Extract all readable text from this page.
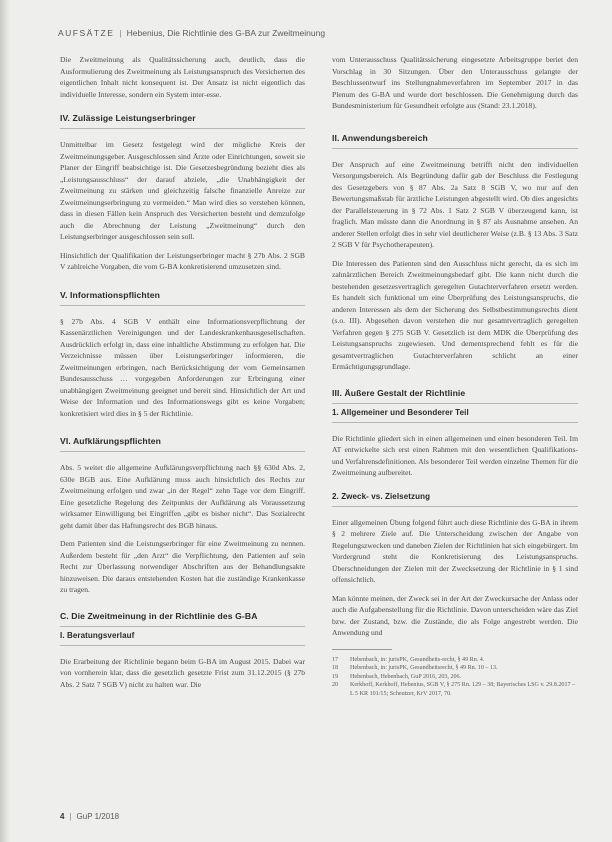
AUFSÄTZE | Hebenius, Die Richtlinie des G-BA zur Zweitmeinung

Die Zweitmeinung als Qualitätssicherung auch, deutlich, dass die Ausformulierung des Zweitmeinung als Leistungsanspruch des Versicherten des eigentlichen Inhalt nicht konsequent ist. Der Ansatz ist nicht eigentlich das individuelle Interesse, sondern ein System inter-esse.

IV. Zulässige Leistungserbringer

Unmittelbar im Gesetz festgelegt wird der mögliche Kreis der Zweitmeinungsgeber. Ausgeschlossen sind Ärzte oder Einrichtungen, soweit sie Planer der Eingriff beabsichtige ist. Die Gesetzesbegründung bezieht dies als „Leistungsausschluss“ der darauf abziele, „die Unabhängigkeit der Zweitmeinung zu stärken und gleichzeitig falsche finanzielle Anreize zur Zweitmeinungserbringung zu vermeiden.“ Man wird dies so verstehen können, dass in diesen Fällen kein Anspruch des Versicherten besteht und demzufolge auch die Abrechnung der Leistung „Zweitmeinung“ durch den Leistungserbringer ausgeschlossen sein soll.

Hinsichtlich der Qualifikation der Leistungserbringer macht § 27b Abs. 2 SGB V zahlreiche Vorgaben, die vom G-BA konkretisierend umzusetzen sind.

V. Informationspflichten

§ 27b Abs. 4 SGB V enthält eine Informationsverpflichtung der Kassenärztlichen Vereinigungen und der Landeskrankenhausgesellschaften. Ausdrücklich erfolgt in, dass eine inhaltliche Abstimmung zu erfolgen hat. Die Verzeichnisse müssen über Leistungserbringer informieren, die Zweitmeinungen erbringen, nach Berücksichtigung der vom Gemeinsamen Bundesausschuss … vorgegeben Anforderungen zur Erbringung einer unabhängigen Zweitmeinung geeignet und bereit sind. Hinsichtlich der Art und Weise der Information und des Informationswegs gibt es keine Vorgaben; konkretisiert wird dies in § 5 der Richtlinie.

VI. Aufklärungspflichten

Abs. 5 weitet die allgemeine Aufklärungsverpflichtung nach §§ 630d Abs. 2, 630e BGB aus. Eine Aufklärung muss auch hinsichtlich des Rechts zur Zweitmeinung erfolgen und zwar „in der Regel“ zehn Tage vor dem Eingriff. Eine gesetzliche Regelung des Zeitpunkts der Aufklärung als Voraussetzung wirksamer Einwilligung bei Eingriffen „gibt es bisher nicht“. Das Sozialrecht geht damit über das Haftungsrecht des BGB hinaus.

Dem Patienten sind die Leistungserbringer für eine Zweitmeinung zu nennen. Außerdem besteht für „den Arzt“ die Verpflichtung, den Patienten auf sein Recht zur Überlassung notwendiger Abschriften aus der Behandlungsakte hinzuweisen. Die daraus entstehenden Kosten hat die zuständige Krankenkasse zu tragen.

C. Die Zweitmeinung in der Richtlinie des G-BA
I. Beratungsverlauf

Die Erarbeitung der Richtlinie begann beim G-BA im August 2015. Dabei war von vornherein klar, dass die gesetzlich gesetzte Frist zum 31.12.2015 (§ 27b Abs. 2 Satz 7 SGB V) nicht zu halten war. Die

vom Unterausschuss Qualitätssicherung eingesetzte Arbeitsgruppe beriet den Vorschlag in 30 Sitzungen. Über den Unterausschuss gelangte der Beschlussentwurf ins Stellungnahmeverfahren im September 2017 in das Plenum des G-BA und wurde dort beschlossen. Die Genehmigung durch das Bundesministerium für Gesundheit erfolgte aus (Stand: 23.1.2018).

II. Anwendungsbereich

Der Anspruch auf eine Zweitmeinung betrifft nicht den individuellen Versorgungsbereich. Als Begründung dafür gab der Beschluss die Festlegung des Gesetzgebers von § 87 Abs. 2a Satz 8 SGB V, wo nur auf den Bewertungsmaßstab für ärztliche Leistungen abgestellt wird. Ob dies angesichts der Parallelsteuerung in § 72 Abs. 1 Satz 2 SGB V überzeugend kann, ist fraglich. Man müsste dann die Anordnung in § 87 als Ausnahme ansehen. An anderer Stellen erfolgt dies in sehr viel deutlicherer Weise (z.B. § 13 Abs. 3 Satz 2 SGB V für Psychotherapeuten).

Die Interessen des Patienten sind den Ausschluss nicht gerecht, da es sich im zahnärztlichen Bereich Zweitmeinungsbedarf gibt. Die kann nicht durch die bestehenden gesetzesvertraglich geregelten Gutachterverfahren ersetzt werden. Es handelt sich funktional um eine Überprüfung des Leistungsanspruchs, die anderen Interessen als dem der Sicherung des Selbstbestimmungsrechts dient (s.o. III). Abgesehen davon verstehen die nur gesamtvertraglich geregelten Verfahren gegen § 275 SGB V. Gesetzlich ist dem MDK die Überprüfung des Leistungsanspruchs zugewiesen. Und dementsprechend fehlt es für die gesamtvertraglichen Gutachterverfahren schlicht an einer Ermächtigungsgrundlage.

III. Äußere Gestalt der Richtlinie
1. Allgemeiner und Besonderer Teil

Die Richtlinie gliedert sich in einen allgemeinen und einen besonderen Teil. Im AT entwickelte sich erst einen Rahmen mit den wesentlichen Qualifikations- und Verfahrensdefinitionen. Als besonderer Teil werden einzelne Themen für die Zweitmeinung aufbereitet.

2. Zweck- vs. Zielsetzung

Einer allgemeinen Übung folgend führt auch diese Richtlinie des G-BA in ihrem § 2 mehrere Ziele auf. Die Unterscheidung zwischen der Angabe von Regelungszwecken und daneben Zielen der Richtlinien hat sich eingebürgert. Im Vordergrund steht die Konkretisierung des Leistungsanspruchs. Überschneidungen der Zielen mit der Zwecksetzung der Richtlinie in § 1 sind offensichtlich.

Man könnte meinen, der Zweck sei in der Art der Zweckursache der Anlass oder auch die Aufgabenstellung für die Richtlinie. Davon unterscheiden wäre das Ziel bzw. der Zustand, bzw. die Zustände, die als Folge angestrebt werden. Die Anwendung und

17	Hebenbach, in: jurisPK, Gesundheits-recht, § 49 Rn. 4.
18	Hebenbach, in: jurisPK, Gesundheitsrecht, § 49 Rn. 10 – 13.
19	Hebenbach, Hebenbach, GuP 2016, 203, 206.
20	Kerkhoff, Kerkhoff, Hebenius, SGB V, § 275 Rn. 129 – 38; Bayerisches LSG v. 29.8.2017 – L 5 KR 101/15; Scheutzer, KrV 2017, 70.
4 | GuP 1/2018
